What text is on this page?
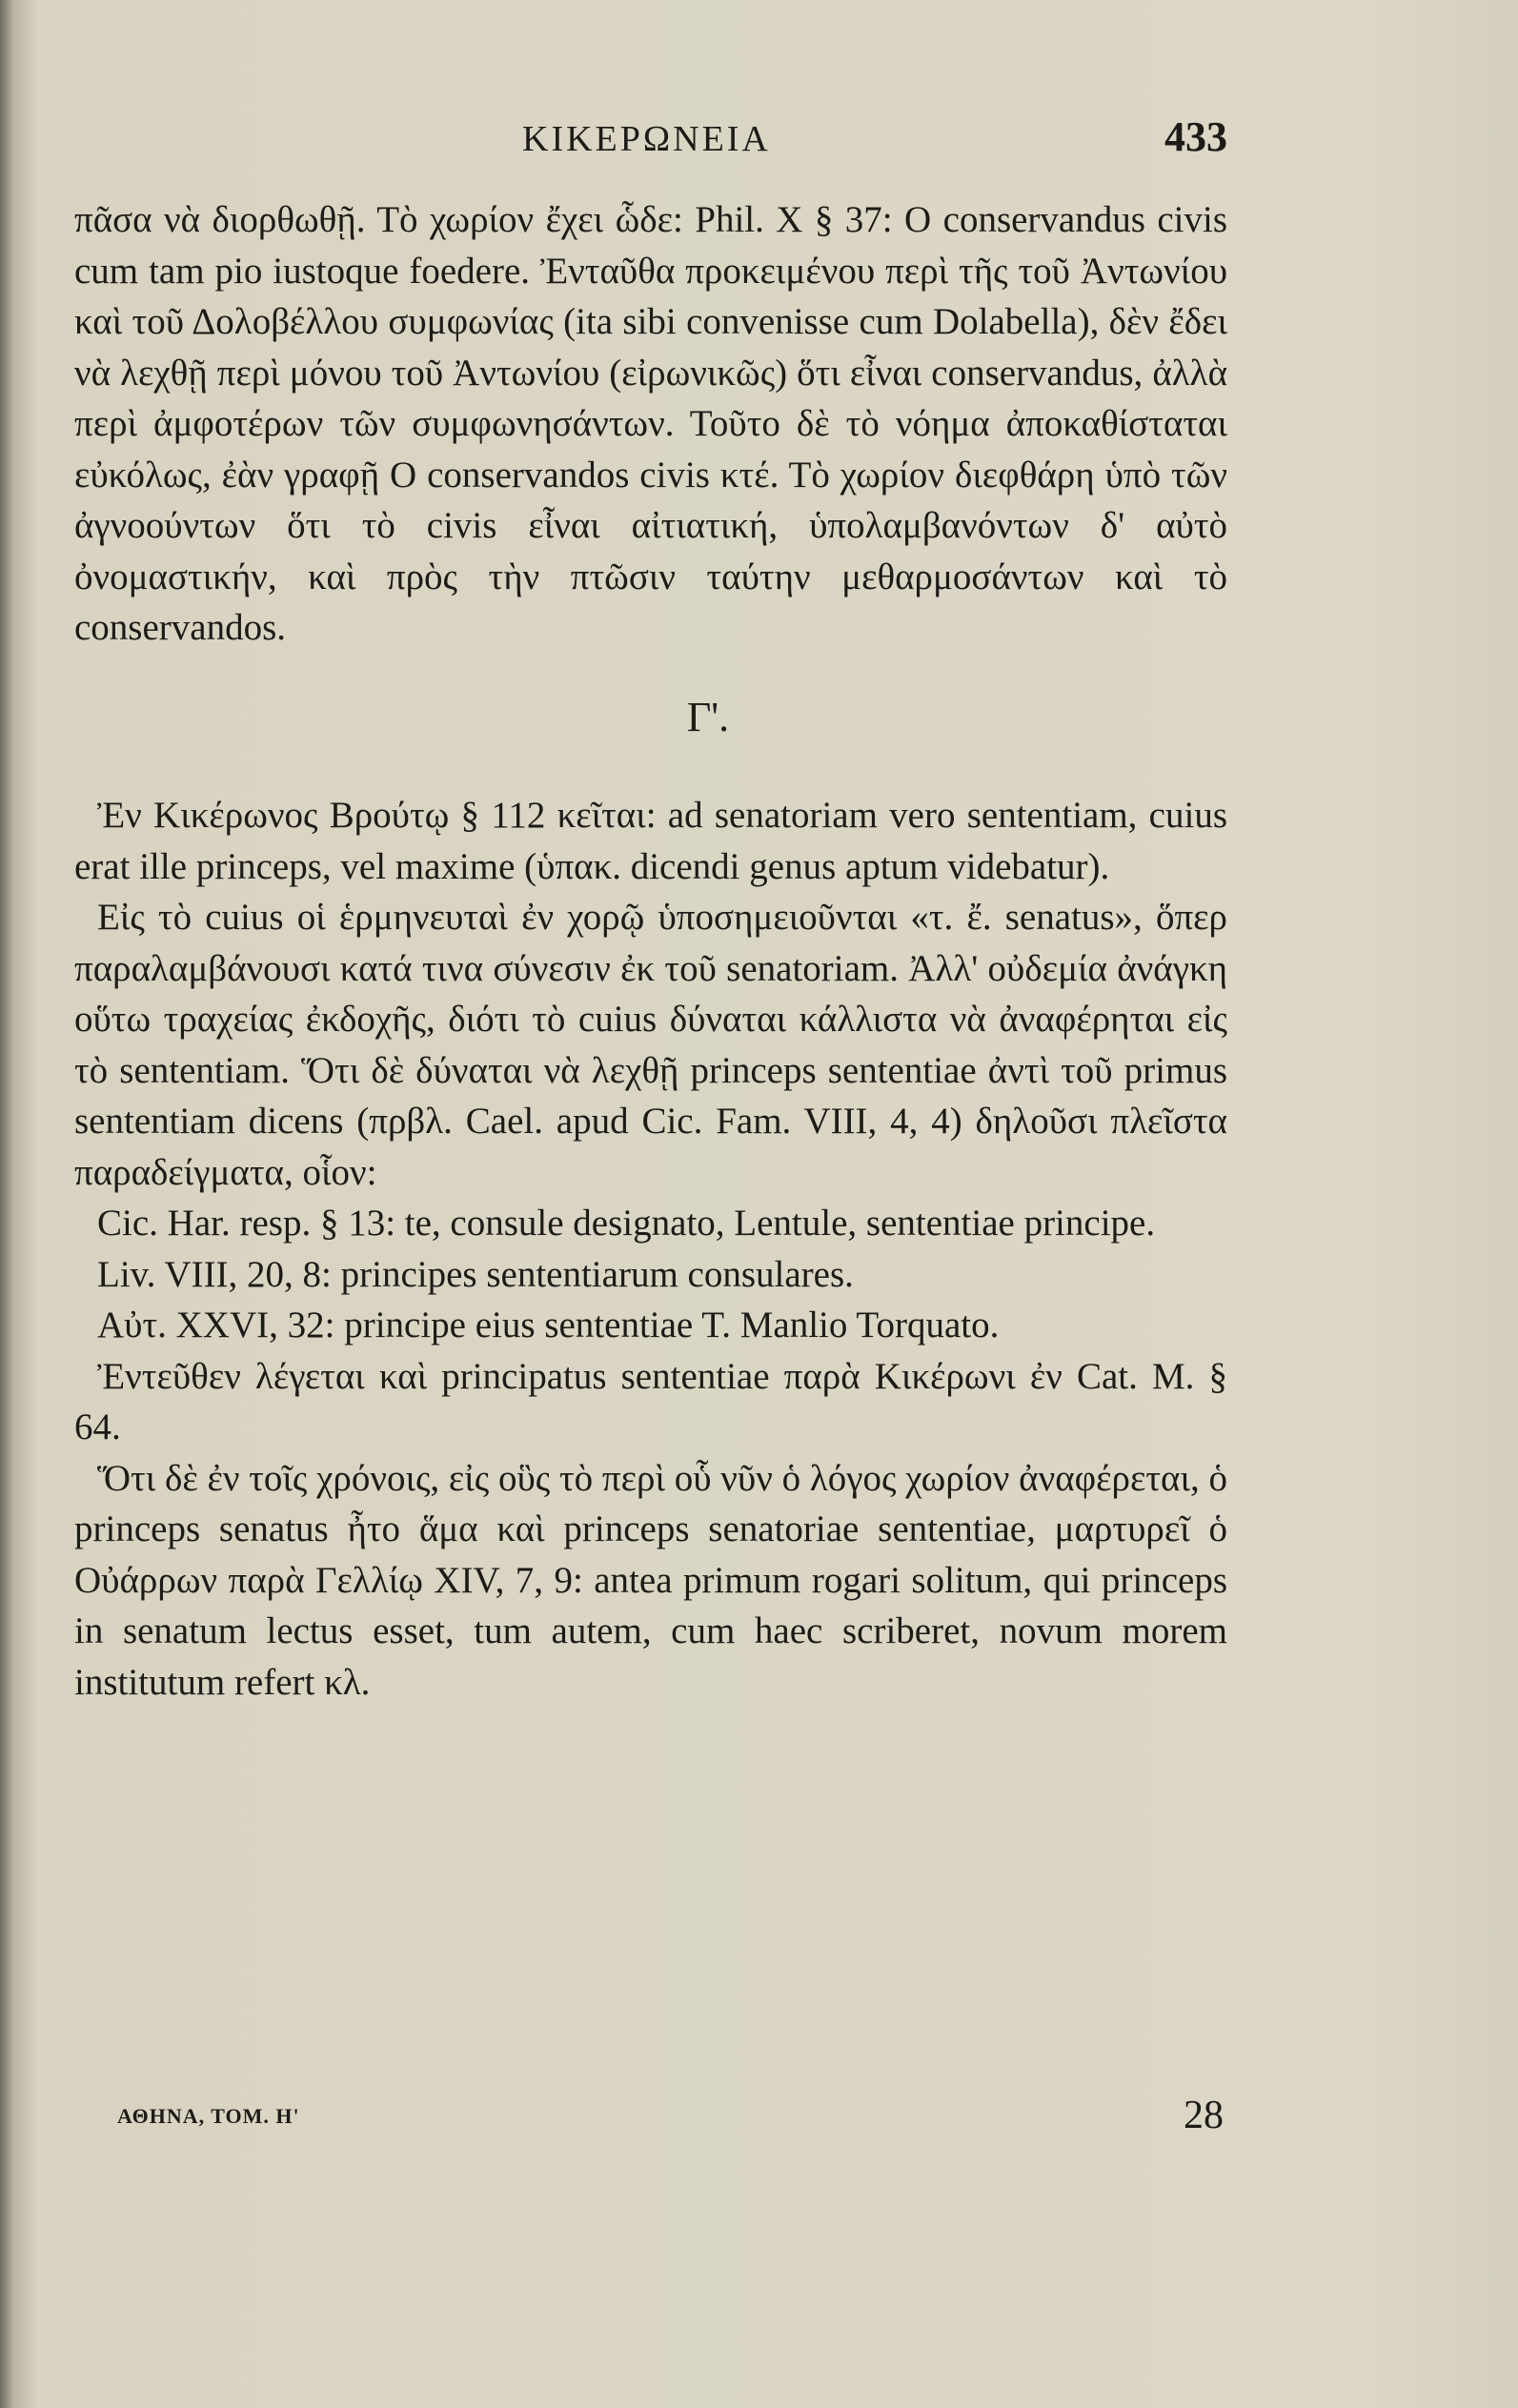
ΚΙΚΕΡΩΝΕΙΑ	433

πᾶσα νὰ διορθωθῇ. Τὸ χωρίον ἔχει ὧδε: Phil. X § 37: O conservandus civis cum tam pio iustoque foedere. Ἐνταῦθα προκειμένου περὶ τῆς τοῦ Ἀντωνίου καὶ τοῦ Δολοβέλλου συμφωνίας (ita sibi convenisse cum Dolabella), δὲν ἔδει νὰ λεχθῇ περὶ μόνου τοῦ Ἀντωνίου (εἰρωνικῶς) ὅτι εἶναι conservandus, ἀλλὰ περὶ ἀμφοτέρων τῶν συμφωνησάντων. Τοῦτο δὲ τὸ νόημα ἀποκαθίσταται εὐκόλως, ἐὰν γραφῇ O conservandos civis κτέ. Τὸ χωρίον διεφθάρη ὑπὸ τῶν ἀγνοούντων ὅτι τὸ civis εἶναι αἰτιατική, ὑπολαμβανόντων δ' αὐτὸ ὀνομαστικήν, καὶ πρὸς τὴν πτῶσιν ταύτην μεθαρμοσάντων καὶ τὸ conservandos.

Γ'.

Ἐν Κικέρωνος Βρούτῳ § 112 κεῖται: ad senatoriam vero sententiam, cuius erat ille princeps, vel maxime (ὑπακ. dicendi genus aptum videbatur).

Εἰς τὸ cuius οἱ ἑρμηνευταὶ ἐν χορῷ ὑποσημειοῦνται «τ. ἔ. senatus», ὅπερ παραλαμβάνουσι κατά τινα σύνεσιν ἐκ τοῦ senatoriam. Ἀλλ' οὐδεμία ἀνάγκη οὕτω τραχείας ἐκδοχῆς, διότι τὸ cuius δύναται κάλλιστα νὰ ἀναφέρηται εἰς τὸ sententiam. Ὅτι δὲ δύναται νὰ λεχθῇ princeps sententiae ἀντὶ τοῦ primus sententiam dicens (πρβλ. Cael. apud Cic. Fam. VIII, 4, 4) δηλοῦσι πλεῖστα παραδείγματα, οἷον:

Cic. Har. resp. § 13: te, consule designato, Lentule, sententiae principe.

Liv. VIII, 20, 8: principes sententiarum consulares.

Αὐτ. XXVI, 32: principe eius sententiae T. Manlio Torquato.

Ἐντεῦθεν λέγεται καὶ principatus sententiae παρὰ Κικέρωνι ἐν Cat. M. § 64.

Ὅτι δὲ ἐν τοῖς χρόνοις, εἰς οὓς τὸ περὶ οὗ νῦν ὁ λόγος χωρίον ἀναφέρεται, ὁ princeps senatus ἦτο ἅμα καὶ princeps senatoriae sententiae, μαρτυρεῖ ὁ Οὐάρρων παρὰ Γελλίῳ XIV, 7, 9: antea primum rogari solitum, qui princeps in senatum lectus esset, tum autem, cum haec scriberet, novum morem institutum refert κλ.

ΑΘΗΝΑ, ΤΟΜ. Η'	28
